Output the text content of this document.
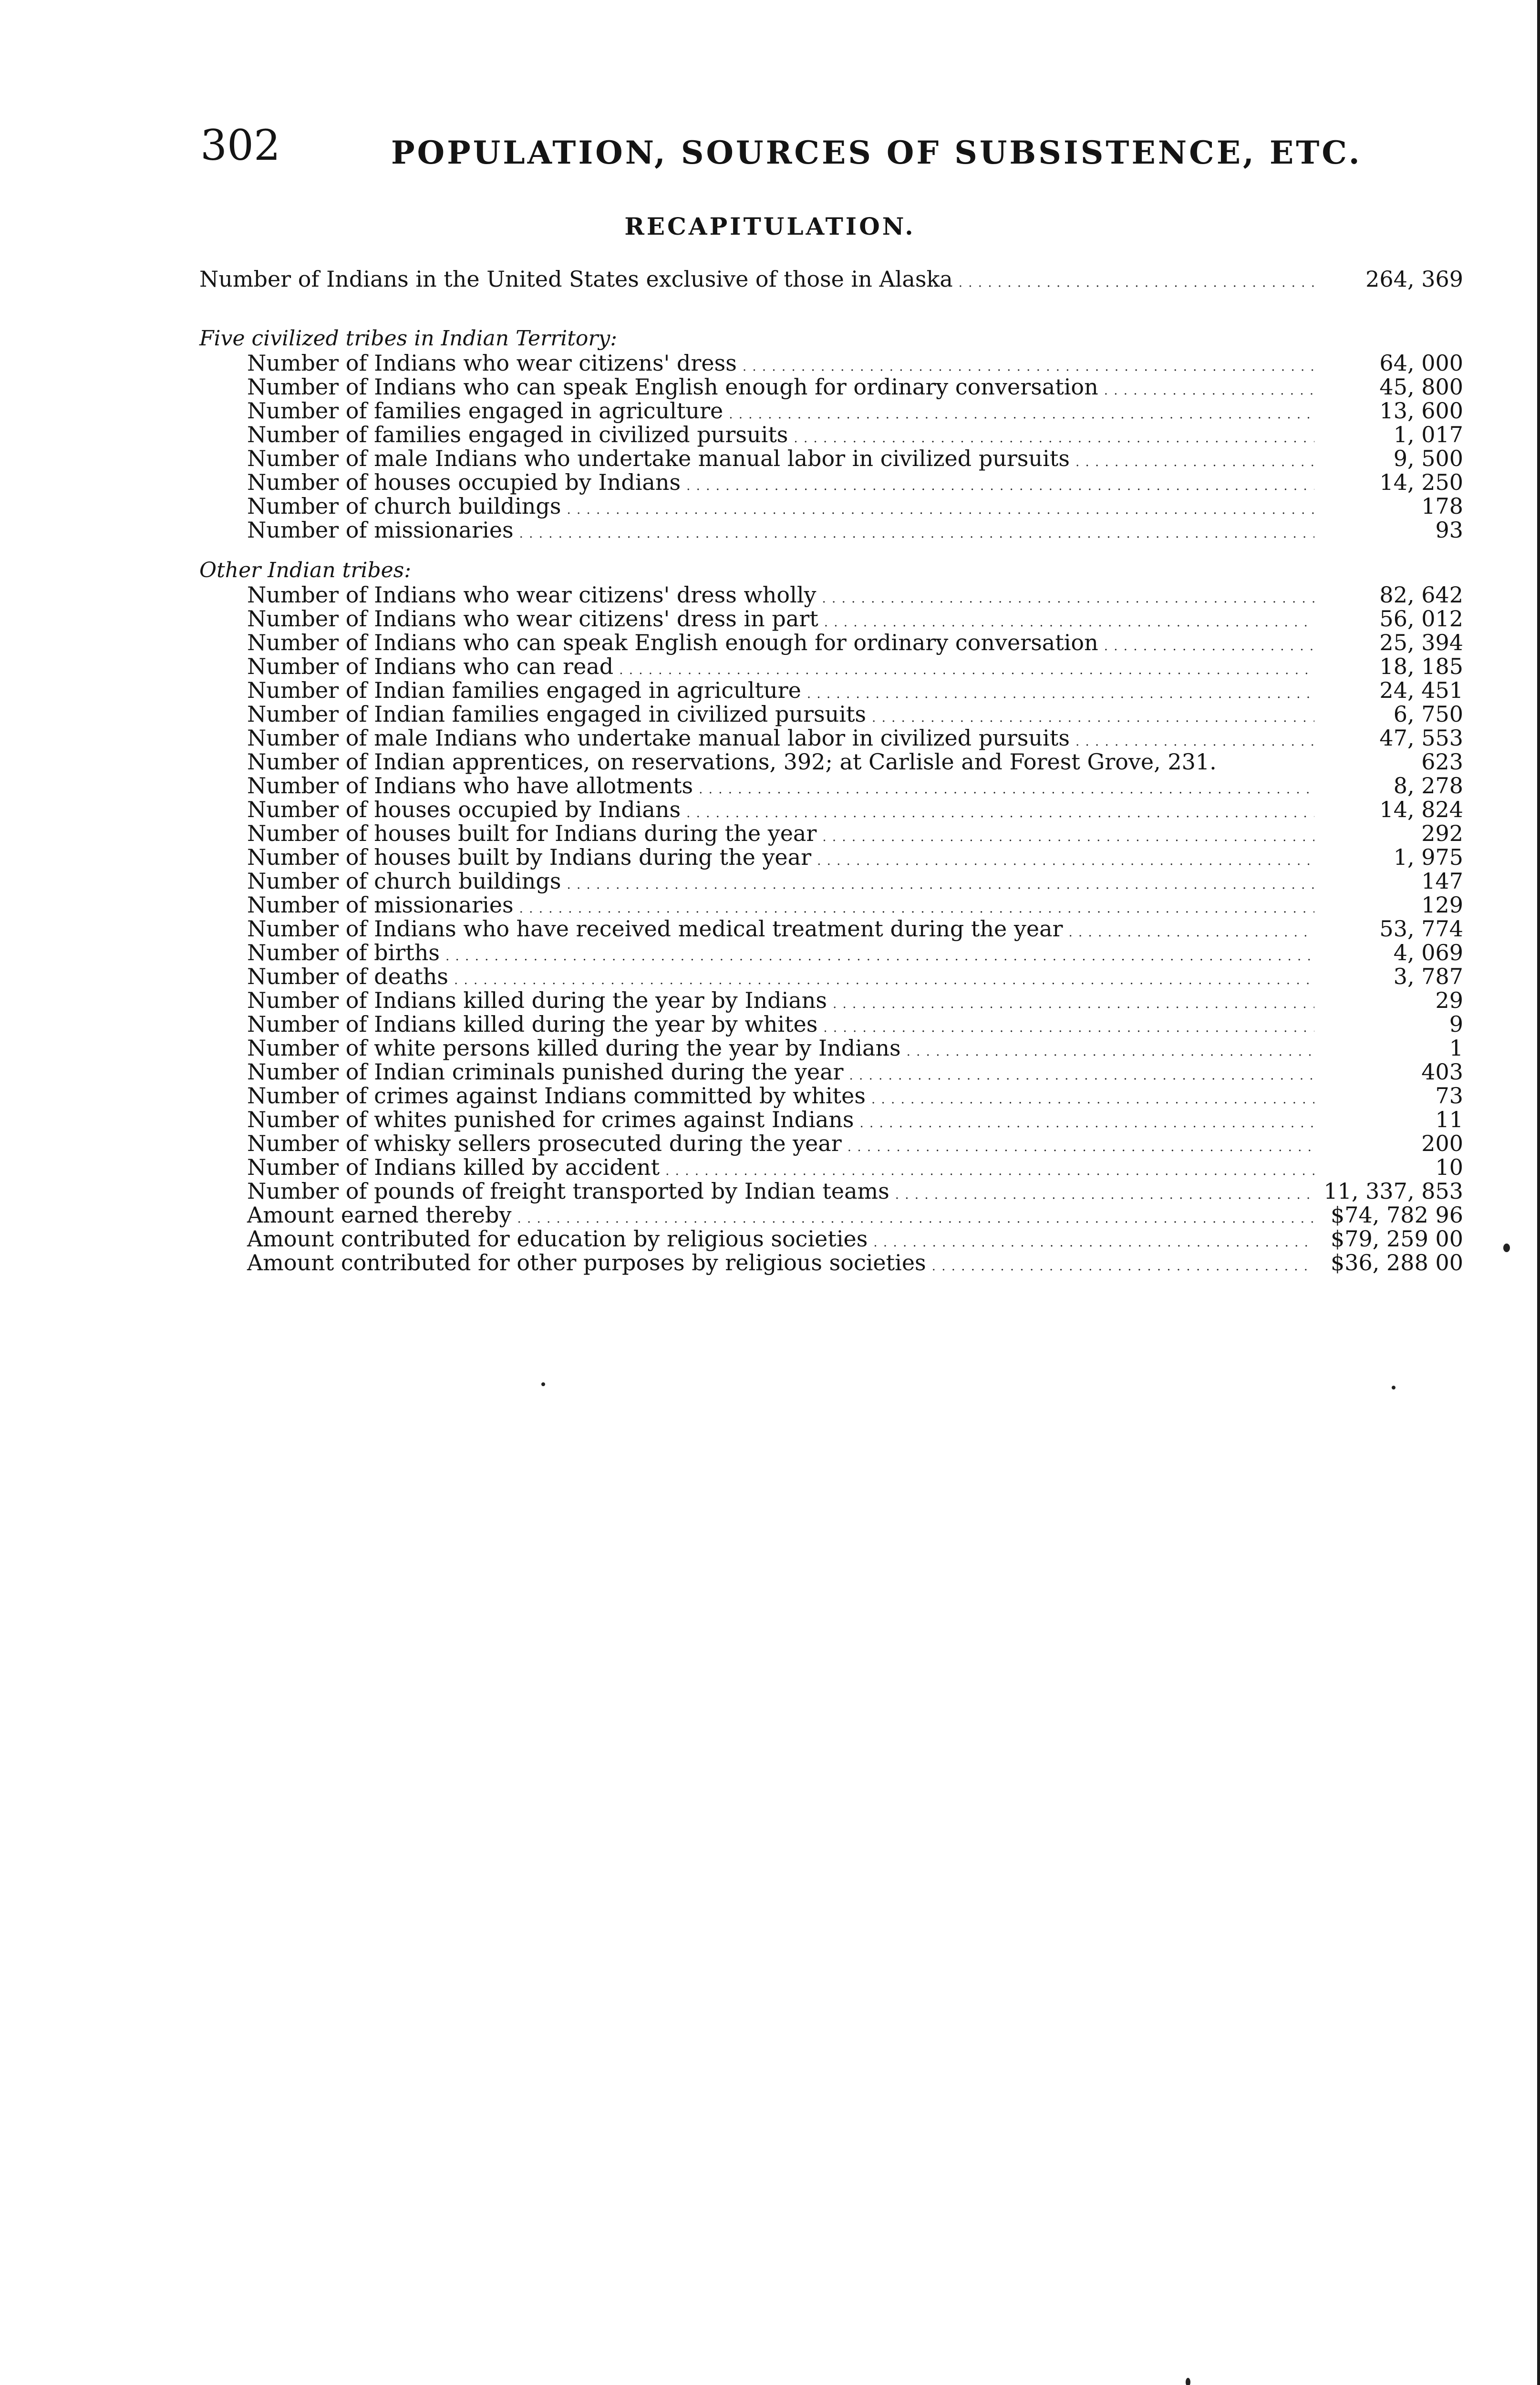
302	POPULATION, SOURCES OF SUBSISTENCE, ETC.
RECAPITULATION.
Number of Indians in the United States exclusive of those in Alaska . . .	264, 369
Five civilized tribes in Indian Territory:
Number of Indians who wear citizens' dress . . .	64, 000
Number of Indians who can speak English enough for ordinary conversation . . .	45, 800
Number of families engaged in agriculture . . .	13, 600
Number of families engaged in civilized pursuits . . .	1, 017
Number of male Indians who undertake manual labor in civilized pursuits . . .	9, 500
Number of houses occupied by Indians . . .	14, 250
Number of church buildings . . .	178
Number of missionaries . . .	93
Other Indian tribes:
Number of Indians who wear citizens' dress wholly . . .	82, 642
Number of Indians who wear citizens' dress in part . . .	56, 012
Number of Indians who can speak English enough for ordinary conversation . . .	25, 394
Number of Indians who can read . . .	18, 185
Number of Indian families engaged in agriculture . . .	24, 451
Number of Indian families engaged in civilized pursuits . . .	6, 750
Number of male Indians who undertake manual labor in civilized pursuits . . .	47, 553
Number of Indian apprentices, on reservations, 392; at Carlisle and Forest Grove, 231.	623
Number of Indians who have allotments . . .	8, 278
Number of houses occupied by Indians . . .	14, 824
Number of houses built for Indians during the year . . .	292
Number of houses built by Indians during the year . . .	1, 975
Number of church buildings . . .	147
Number of missionaries . . .	129
Number of Indians who have received medical treatment during the year . . .	53, 774
Number of births . . .	4, 069
Number of deaths . . .	3, 787
Number of Indians killed during the year by Indians . . .	29
Number of Indians killed during the year by whites . . .	9
Number of white persons killed during the year by Indians . . .	1
Number of Indian criminals punished during the year . . .	403
Number of crimes against Indians committed by whites . . .	73
Number of whites punished for crimes against Indians . . .	11
Number of whisky sellers prosecuted during the year . . .	200
Number of Indians killed by accident . . .	10
Number of pounds of freight transported by Indian teams . . .	11, 337, 853
Amount earned thereby . . .	$74, 782 96
Amount contributed for education by religious societies . . .	$79, 259 00
Amount contributed for other purposes by religious societies . . .	$36, 288 00
